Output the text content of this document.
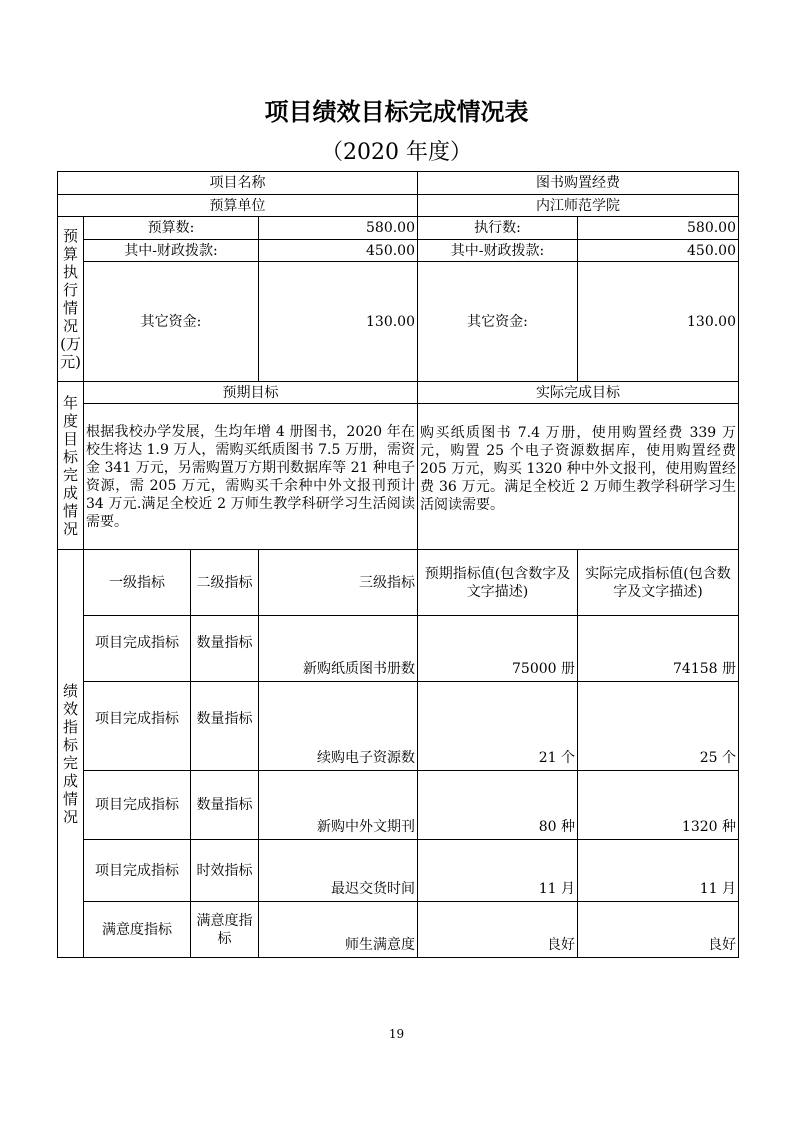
项目绩效目标完成情况表
（2020 年度）
项目名称				图书购置经费	
预算单位				内江师范学院	
预算执行情况(万元)	预算数:		580.00	执行数:	580.00
	其中-财政拨款:		450.00	其中-财政拨款:	450.00
	其它资金:		130.00	其它资金:	130.00
年度目标完成情况	预期目标			实际完成目标	
	根据我校办学发展，生均年增 4 册图书，2020 年在校生将达 1.9 万人，需购买纸质图书 7.5 万册，需资金 341 万元，另需购置万方期刊数据库等 21 种电子资源，需 205 万元，需购买千余种中外文报刊预计 34 万元.满足全校近 2 万师生教学科研学习生活阅读需要。			购买纸质图书 7.4 万册，使用购置经费 339 万元，购置 25 个电子资源数据库，使用购置经费 205 万元，购买 1320 种中外文报刊，使用购置经费 36 万元。满足全校近 2 万师生教学科研学习生活阅读需要。	
绩效指标完成情况	一级指标	二级指标	三级指标	预期指标值(包含数字及文字描述)	实际完成指标值(包含数字及文字描述)
	项目完成指标	数量指标	新购纸质图书册数	75000 册	74158 册
	项目完成指标	数量指标	续购电子资源数	21 个	25 个
	项目完成指标	数量指标	新购中外文期刊	80 种	1320 种
	项目完成指标	时效指标	最迟交货时间	11 月	11 月
	满意度指标	满意度指标	师生满意度	良好	良好
19
